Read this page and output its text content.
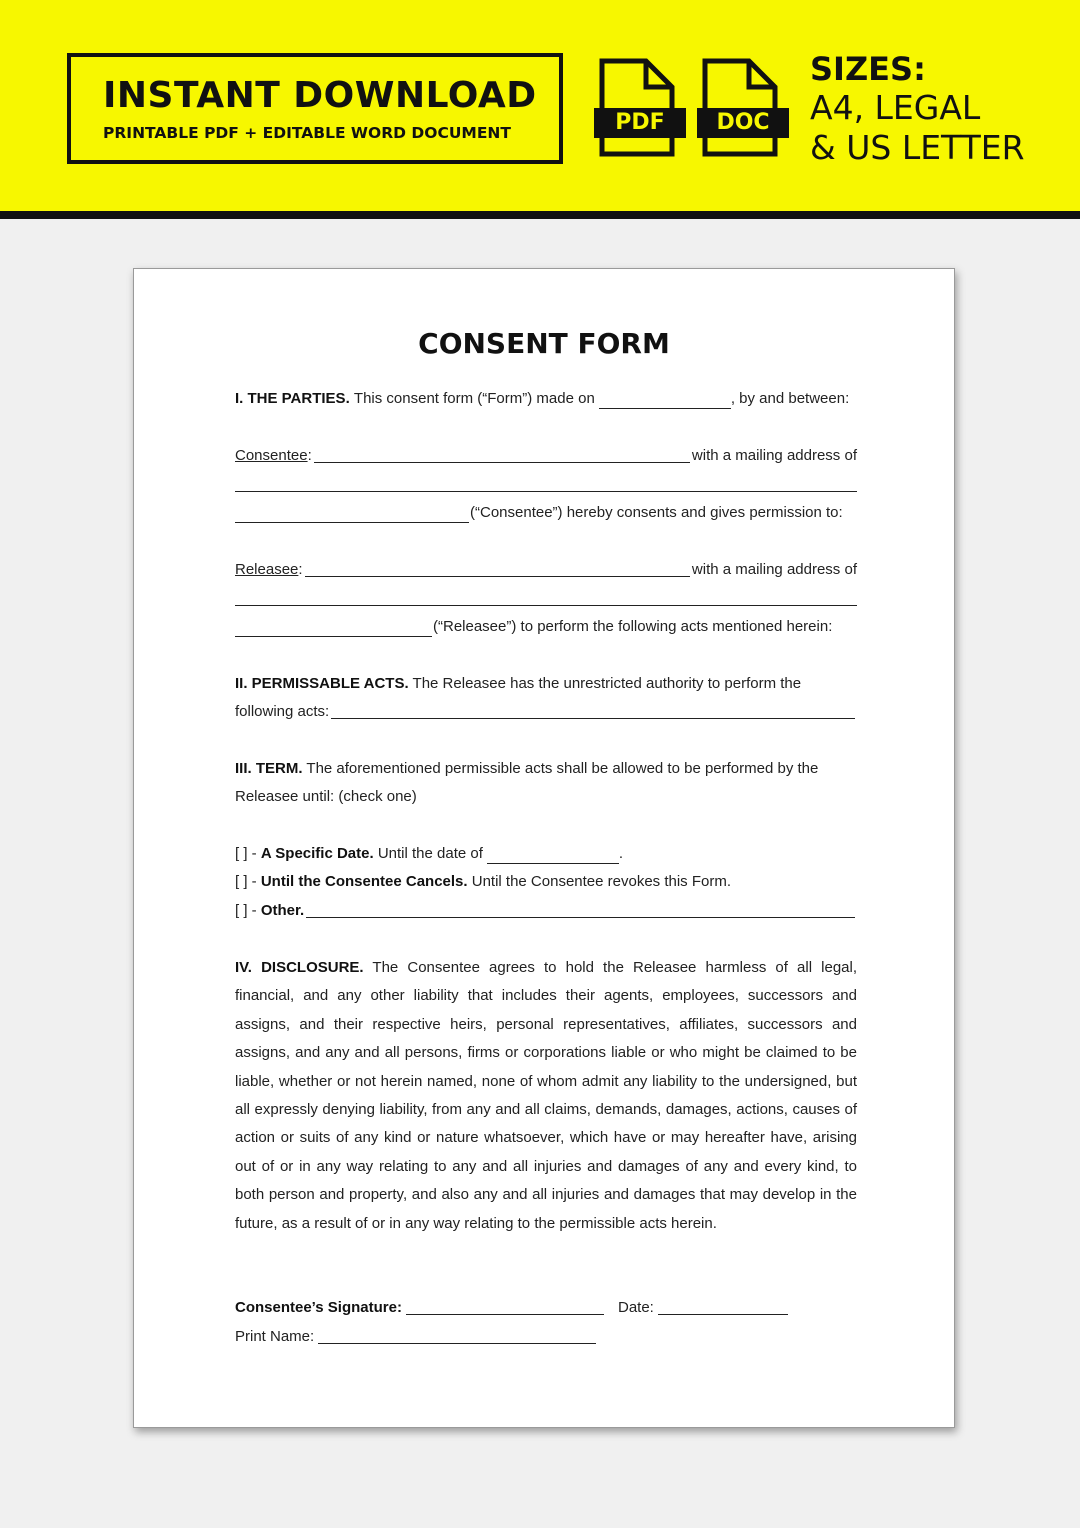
INSTANT DOWNLOAD
PRINTABLE PDF + EDITABLE WORD DOCUMENT	PDF	DOC
SIZES:
A4, LEGAL
& US LETTER
CONSENT FORM
I. THE PARTIES.
This consent form (“Form”) made on	, by and between:
Consentee :	with a mailing address of
(“Consentee”) hereby consents and gives permission to:
Releasee :	with a mailing address of
(“Releasee”) to perform the following acts mentioned herein:
II. PERMISSABLE ACTS. The Releasee has the unrestricted authority to perform the
following acts:
III. TERM. The aforementioned permissible acts shall be allowed to be performed by the
Releasee until: (check one)
[ ] -
A Specific Date.
Until the date of	.
[ ] - Until the Consentee Cancels. Until the Consentee revokes this Form.
[ ] -
Other.
IV. DISCLOSURE. The Consentee agrees to hold the Releasee harmless of all legal, financial, and any other liability that includes their agents, employees, successors and assigns, and their respective heirs, personal representatives, affiliates, successors and assigns, and any and all persons, firms or corporations liable or who might be claimed to be liable, whether or not herein named, none of whom admit any liability to the undersigned, but all expressly denying liability, from any and all claims, demands, damages, actions, causes of action or suits of any kind or nature whatsoever, which have or may hereafter have, arising out of or in any way relating to any and all injuries and damages of any and every kind, to both person and property, and also any and all injuries and damages that may develop in the future, as a result of or in any way relating to the permissible acts herein.
Consentee’s Signature:	Date:
Print Name:
